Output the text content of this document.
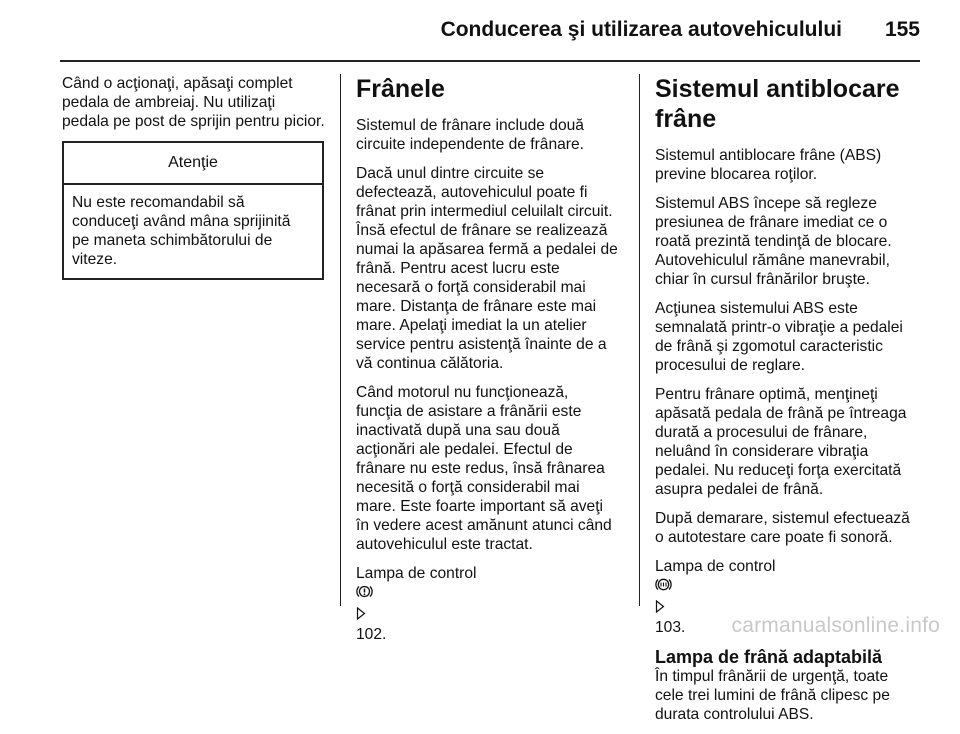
Conducerea şi utilizarea autovehiculului 155

Când o acţionaţi, apăsaţi complet
pedala de ambreiaj. Nu utilizaţi
pedala pe post de sprijin pentru picior.

Atenţie
Nu este recomandabil să
conduceţi având mâna sprijinită
pe maneta schimbătorului de
viteze.
Frânele

Sistemul de frânare include două
circuite independente de frânare.

Dacă unul dintre circuite se
defectează, autovehiculul poate fi
frânat prin intermediul celuilalt circuit.
Însă efectul de frânare se realizează
numai la apăsarea fermă a pedalei de
frână. Pentru acest lucru este
necesară o forţă considerabil mai
mare. Distanţa de frânare este mai
mare. Apelaţi imediat la un atelier
service pentru asistenţă înainte de a
vă continua călătoria.

Când motorul nu funcţionează,
funcţia de asistare a frânării este
inactivată după una sau două
acţionări ale pedalei. Efectul de
frânare nu este redus, însă frânarea
necesită o forţă considerabil mai
mare. Este foarte important să aveţi
în vedere acest amănunt atunci când
autovehiculul este tractat.

Lampa de control

102.

Sistemul antiblocare frâne

Sistemul antiblocare frâne (ABS)
previne blocarea roţilor.

Sistemul ABS începe să regleze
presiunea de frânare imediat ce o
roată prezintă tendinţă de blocare.
Autovehiculul rămâne manevrabil,
chiar în cursul frânărilor bruşte.

Acţiunea sistemului ABS este
semnalată printr-o vibraţie a pedalei
de frână şi zgomotul caracteristic
procesului de reglare.

Pentru frânare optimă, menţineţi
apăsată pedala de frână pe întreaga
durată a procesului de frânare,
neluând în considerare vibraţia
pedalei. Nu reduceţi forţa exercitată
asupra pedalei de frână.

După demarare, sistemul efectuează
o autotestare care poate fi sonoră.

Lampa de control

103.

Lampa de frână adaptabilă

În timpul frânării de urgenţă, toate
cele trei lumini de frână clipesc pe
durata controlului ABS.

carmanualsonline.info
